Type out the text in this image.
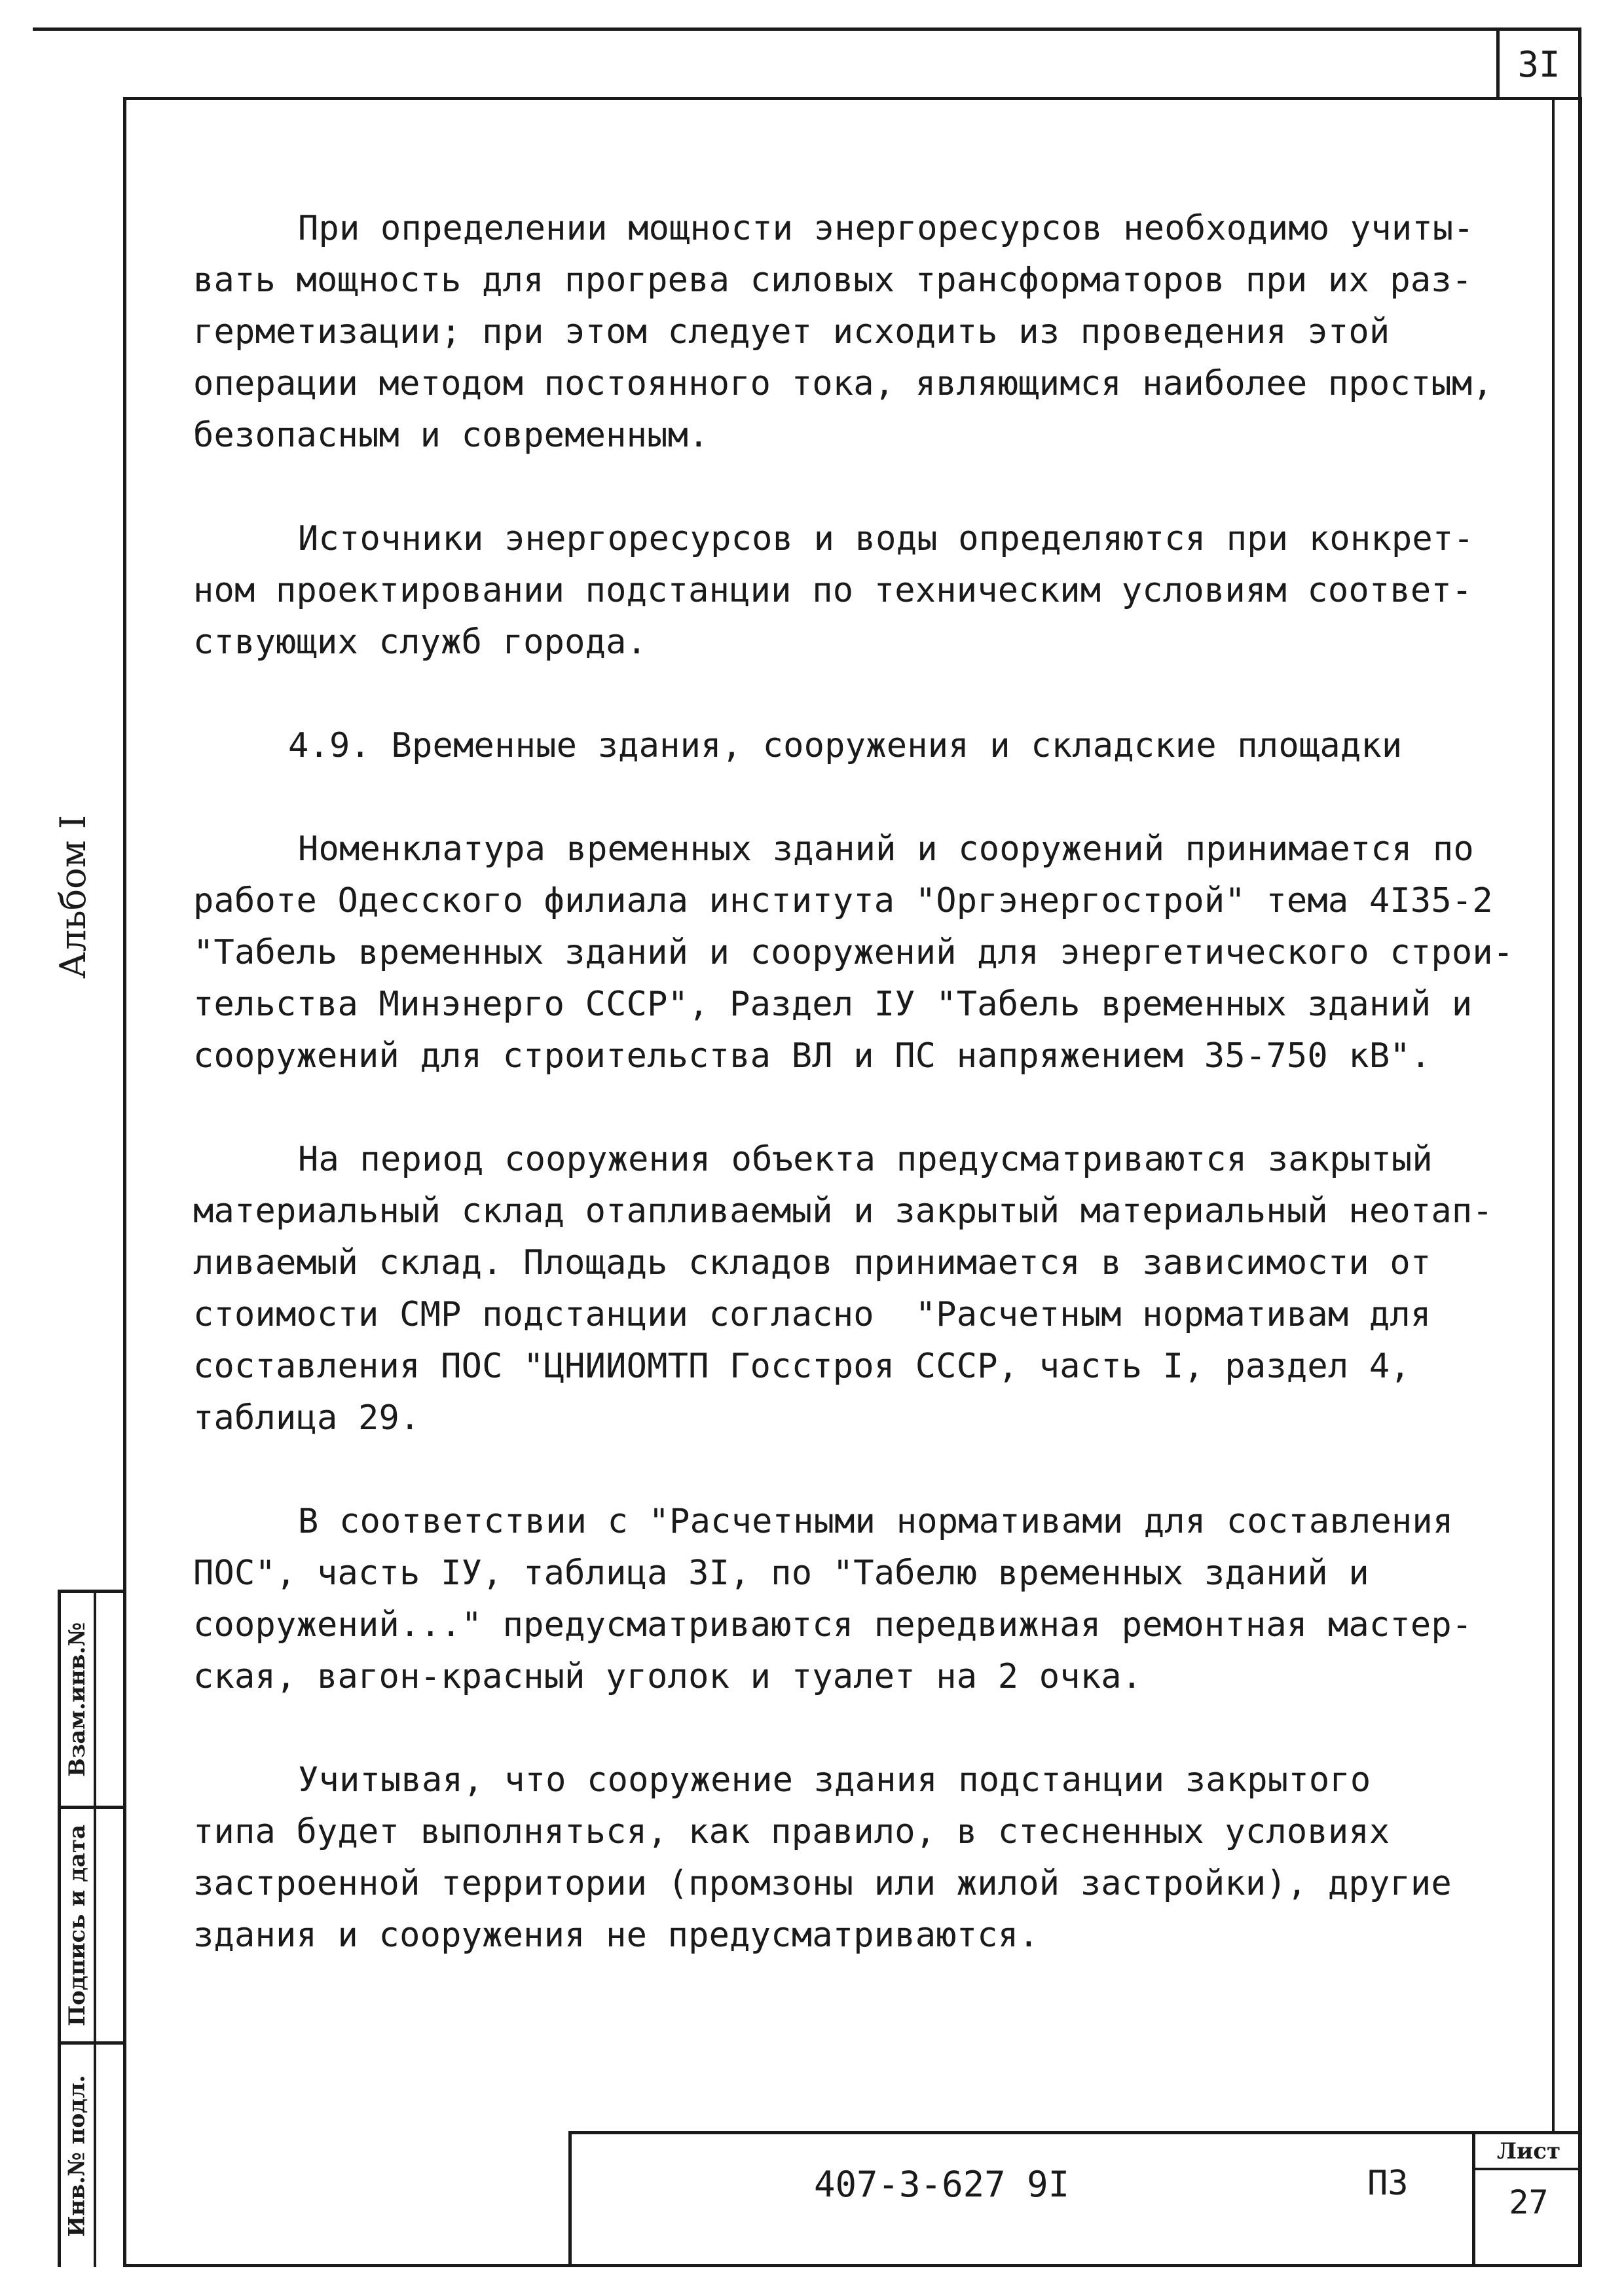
3I

При определении мощности энергоресурсов необходимо учиты-
вать мощность для прогрева силовых трансформаторов при их раз-
герметизации; при этом следует исходить из проведения этой
операции методом постоянного тока, являющимся наиболее простым,
безопасным и современным.

Источники энергоресурсов и воды определяются при конкрет-
ном проектировании подстанции по техническим условиям соответ-
ствующих служб города.

4.9. Временные здания, сооружения и складские площадки

Номенклатура временных зданий и сооружений принимается по
работе Одесского филиала института "Оргэнергострой" тема 4I35-2
"Табель временных зданий и сооружений для энергетического строи-
тельства Минэнерго СССР", Раздел IУ "Табель временных зданий и
сооружений для строительства ВЛ и ПС напряжением 35-750 кВ".

На период сооружения объекта предусматриваются закрытый
материальный склад отапливаемый и закрытый материальный неотап-
ливаемый склад. Площадь складов принимается в зависимости от
стоимости СМР подстанции согласно  "Расчетным нормативам для
составления ПОС "ЦНИИОМТП Госстроя СССР, часть I, раздел 4,
таблица 29.

В соответствии с "Расчетными нормативами для составления
ПОС", часть IУ, таблица 3I, по "Табелю временных зданий и
сооружений..." предусматриваются передвижная ремонтная мастер-
ская, вагон-красный уголок и туалет на 2 очка.

Учитывая, что сооружение здания подстанции закрытого
типа будет выполняться, как правило, в стесненных условиях
застроенной территории (промзоны или жилой застройки), другие
здания и сооружения не предусматриваются.

Альбом I
Взам.инв.№
Подпись и дата
Инв.№ подл.	407-3-627 9I	ПЗ
Лист
27
